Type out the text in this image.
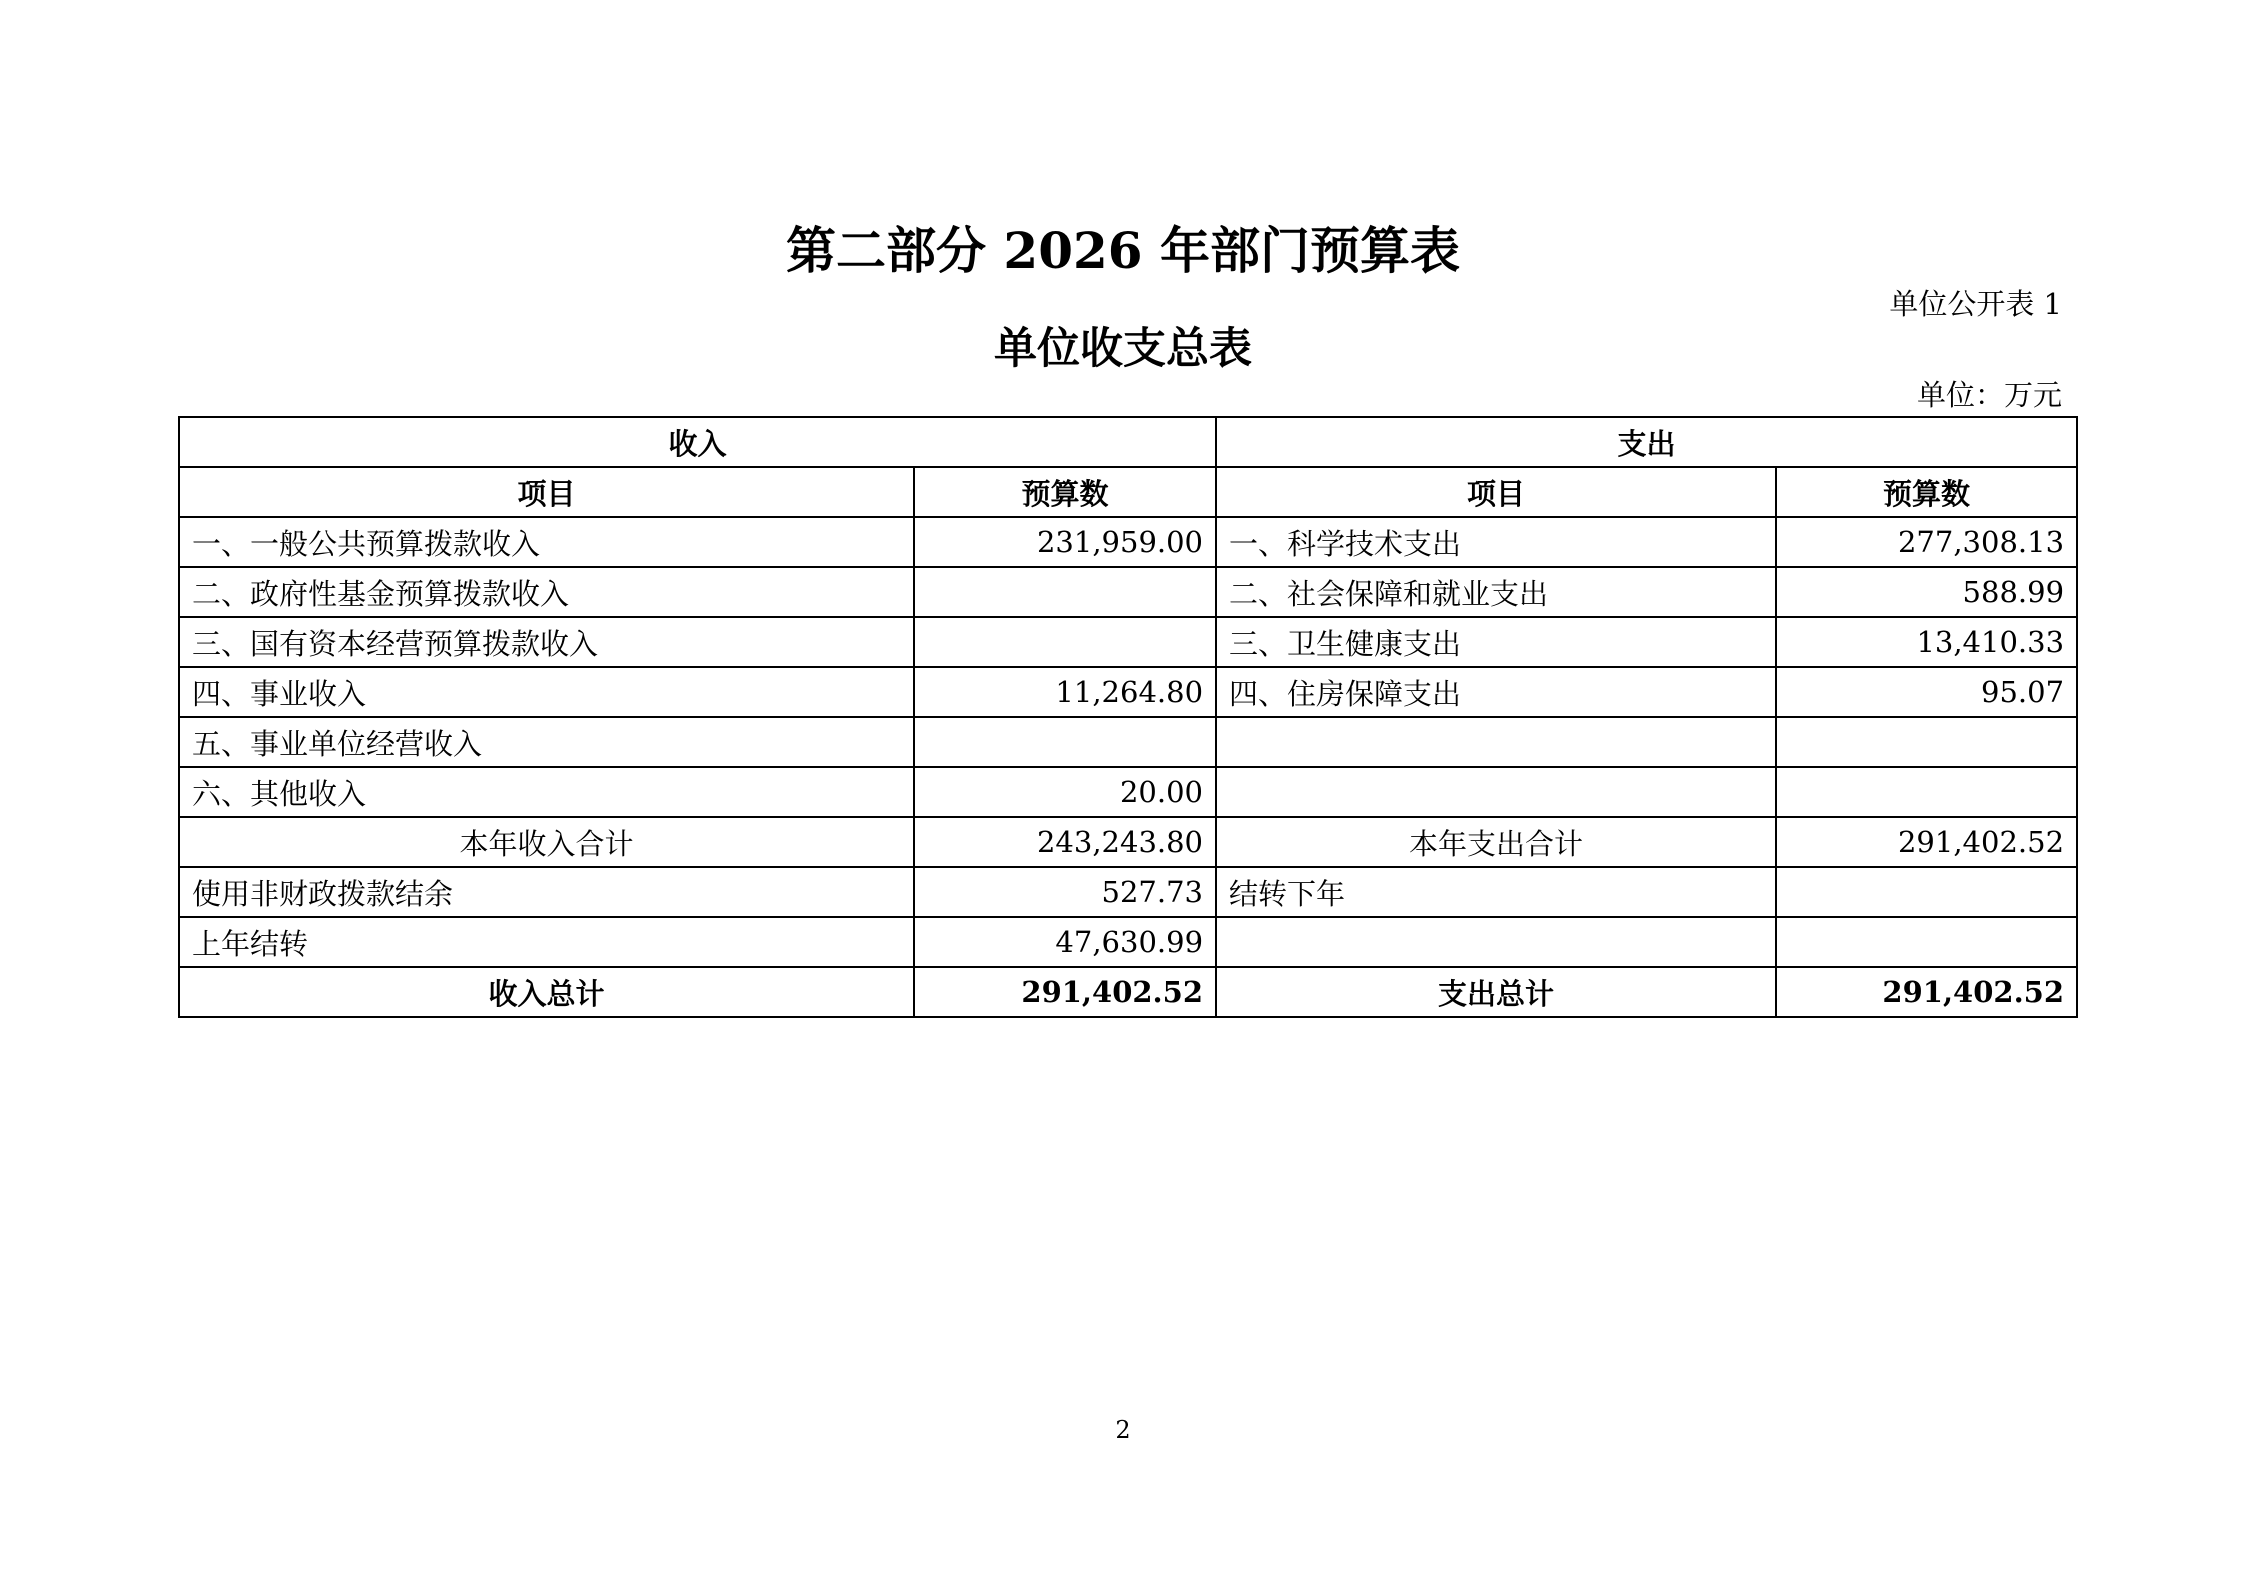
第二部分 2026 年部门预算表
单位公开表 1
单位收支总表
单位：万元
收入		支出	
项目	预算数	项目	预算数
一、一般公共预算拨款收入	231,959.00	一、科学技术支出	277,308.13
二、政府性基金预算拨款收入		二、社会保障和就业支出	588.99
三、国有资本经营预算拨款收入		三、卫生健康支出	13,410.33
四、事业收入	11,264.80	四、住房保障支出	95.07
五、事业单位经营收入			
六、其他收入	20.00		
本年收入合计	243,243.80	本年支出合计	291,402.52
使用非财政拨款结余	527.73	结转下年	
上年结转	47,630.99		
收入总计	291,402.52	支出总计	291,402.52
2
